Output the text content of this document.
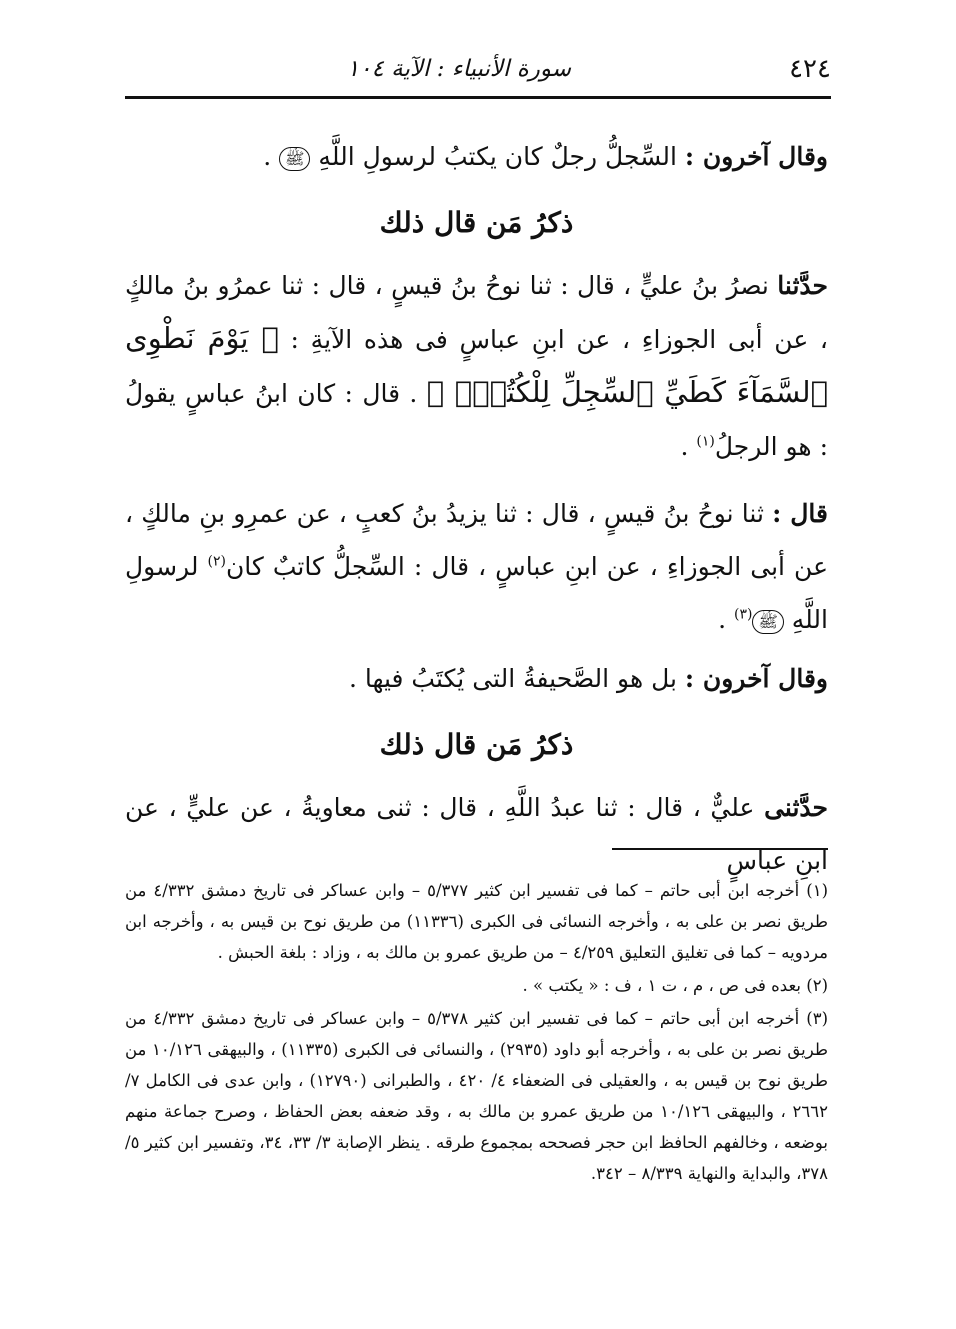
٤٢٤
سورة الأنبياء : الآية ١٠٤

وقال آخرون : السِّجلُّ رجلٌ كان يكتبُ لرسولِ اللَّهِ ﷺ .

ذكرُ مَن قال ذلك

حدَّثنا نصرُ بنُ عليٍّ ، قال : ثنا نوحُ بنُ قيسٍ ، قال : ثنا عمرُو بنُ مالكٍ ، عن أبى الجوزاءِ ، عن ابنِ عباسٍ فى هذه الآيةِ : ﴿ يَوْمَ نَطْوِى ٱلسَّمَآءَ كَطَيِّ ٱلسِّجِلِّ لِلْكُتُبِۚ ﴾ . قال : كان ابنُ عباسٍ يقولُ : هو الرجلُ$^{(١)}$ .

قال : ثنا نوحُ بنُ قيسٍ ، قال : ثنا يزيدُ بنُ كعبٍ ، عن عمرِو بنِ مالكٍ ، عن أبى الجوزاءِ ، عن ابنِ عباسٍ ، قال : السِّجلُّ كاتبٌ كان$^{(٢)}$ لرسولِ اللَّهِ ﷺ$^{(٣)}$ .

وقال آخرون : بل هو الصَّحيفةُ التى يُكتَبُ فيها .

ذكرُ مَن قال ذلك

حدَّثنى عليٌّ ، قال : ثنا عبدُ اللَّهِ ، قال : ثنى معاويةُ ، عن عليٍّ ، عن ابنِ عباسٍ

(١) أخرجه ابن أبى حاتم – كما فى تفسير ابن كثير ٥/٣٧٧ – وابن عساكر فى تاريخ دمشق ٤/٣٣٢ من طريق نصر بن على به ، وأخرجه النسائى فى الكبرى (١١٣٣٦) من طريق نوح بن قيس به ، وأخرجه ابن مردويه – كما فى تغليق التعليق ٤/٢٥٩ – من طريق عمرو بن مالك به ، وزاد : بلغة الحبش .

(٢) بعده فى ص ، م ، ت ١ ، ف : « يكتب » .

(٣) أخرجه ابن أبى حاتم – كما فى تفسير ابن كثير ٥/٣٧٨ – وابن عساكر فى تاريخ دمشق ٤/٣٣٢ من طريق نصر بن على به ، وأخرجه أبو داود (٢٩٣٥) ، والنسائى فى الكبرى (١١٣٣٥) ، والبيهقى ١٠/١٢٦ من طريق نوح بن قيس به ، والعقيلى فى الضعفاء ٤/ ٤٢٠ ، والطبرانى (١٢٧٩٠) ، وابن عدى فى الكامل ٧/ ٢٦٦٢ ، والبيهقى ١٠/١٢٦ من طريق عمرو بن مالك به ، وقد ضعفه بعض الحفاظ ، وصرح جماعة منهم بوضعه ، وخالفهم الحافظ ابن حجر فصححه بمجموع طرقه . ينظر الإصابة ٣/ ٣٣، ٣٤، وتفسير ابن كثير ٥/ ٣٧٨، والبداية والنهاية ٨/٣٣٩ – ٣٤٢.
